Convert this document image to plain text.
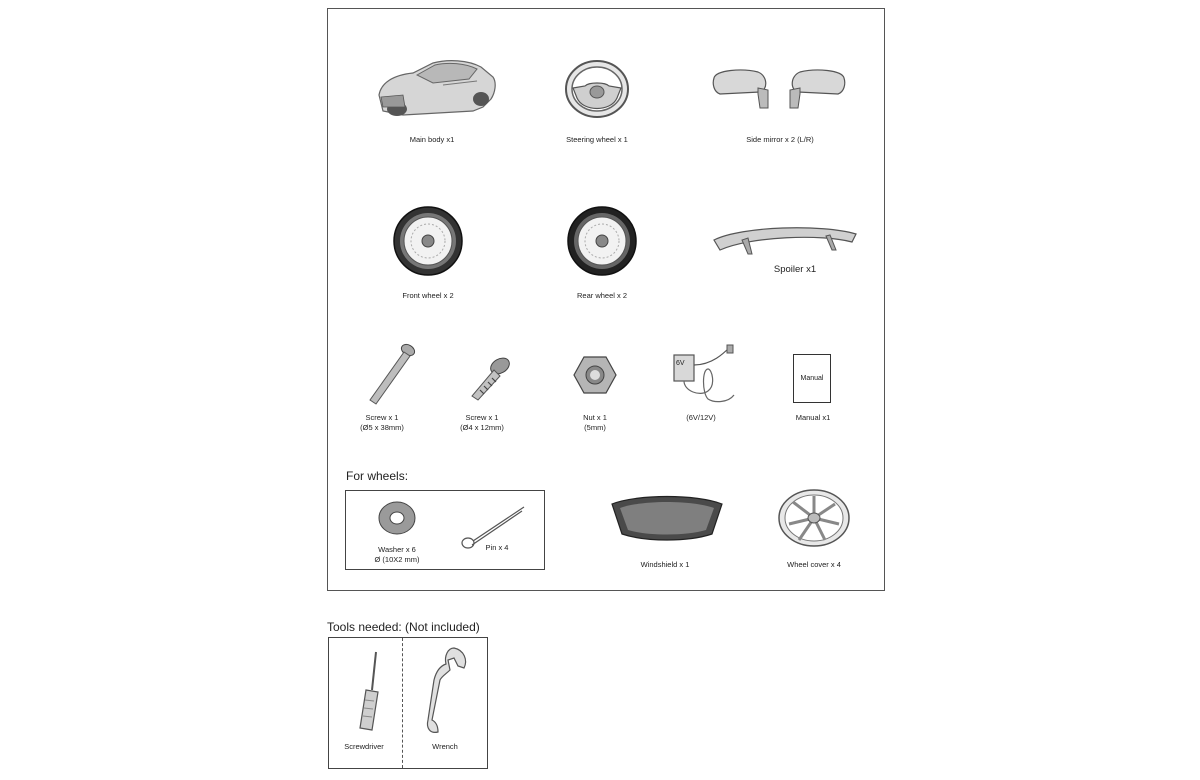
Main body x1	Steering wheel x 1	Side mirror x 2 (L/R)
Front wheel x 2	Rear wheel x 2
Spoiler x1
Screw x 1
(Ø5 x 38mm)
Screw x 1
(Ø4 x 12mm)
Nut x 1
(5mm)
6V
(6V/12V)
Manual
Manual x1
For wheels:
Washer x 6
Ø (10X2 mm)
Pin x 4
Windshield x 1	Wheel cover x 4
Tools needed: (Not included)
Screwdriver	Wrench
